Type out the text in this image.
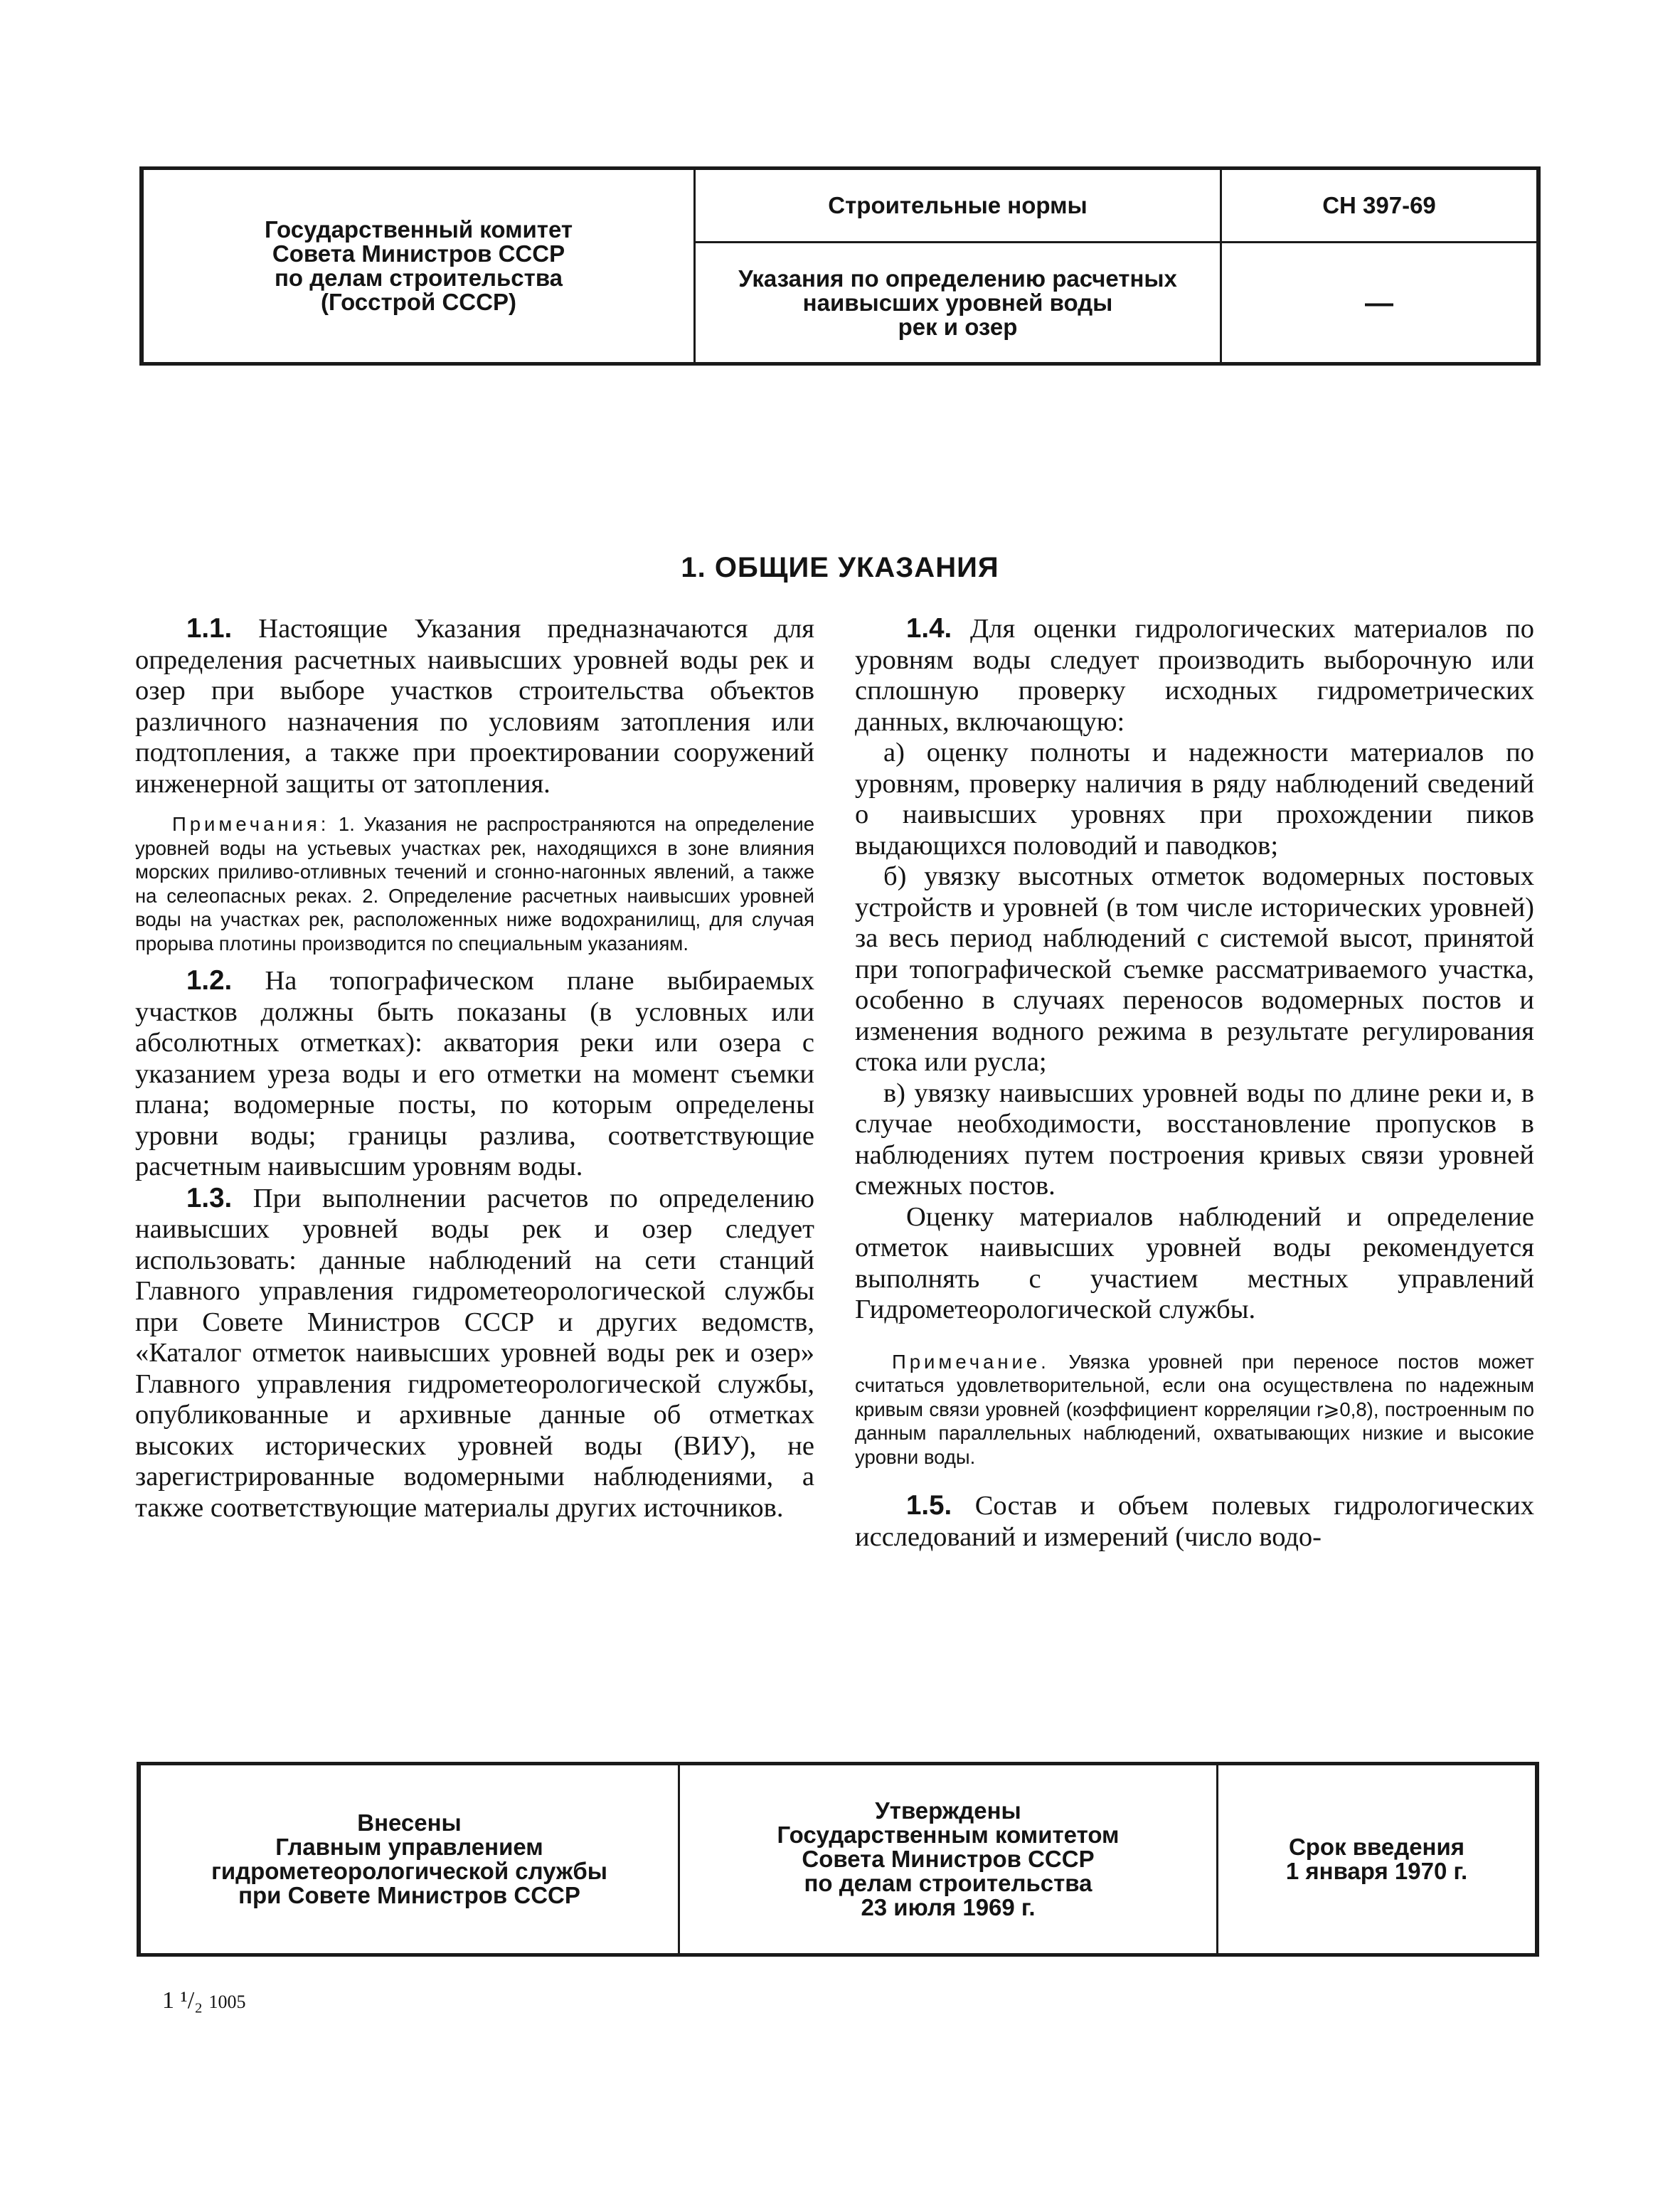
Государственный комитет
Совета Министров СССР
по делам строительства
(Госстрой СССР)
Строительные нормы
Указания по определению расчетных
наивысших уровней воды
рек и озер
СН 397-69
—
1. ОБЩИЕ УКАЗАНИЯ

1.1. Настоящие Указания предназначаются для определения расчетных наивысших уровней воды рек и озер при выборе участков строительства объектов различного назначения по условиям затопления или подтопления, а также при проектировании сооружений инженерной защиты от затопления.

Примечания: 1. Указания не распространяются на определение уровней воды на устьевых участках рек, находящихся в зоне влияния морских приливо-отливных течений и сгонно-нагонных явлений, а также на селеопасных реках. 2. Определение расчетных наивысших уровней воды на участках рек, расположенных ниже водохранилищ, для случая прорыва плотины производится по специальным указаниям.

1.2. На топографическом плане выбираемых участков должны быть показаны (в условных или абсолютных отметках): акватория реки или озера с указанием уреза воды и его отметки на момент съемки плана; водомерные посты, по которым определены уровни воды; границы разлива, соответствующие расчетным наивысшим уровням воды.

1.3. При выполнении расчетов по определению наивысших уровней воды рек и озер следует использовать: данные наблюдений на сети станций Главного управления гидрометеорологической службы при Совете Министров СССР и других ведомств, «Каталог отметок наивысших уровней воды рек и озер» Главного управления гидрометеорологической службы, опубликованные и архивные данные об отметках высоких исторических уровней воды (ВИУ), не зарегистрированные водомерными наблюдениями, а также соответствующие материалы других источников.

1.4. Для оценки гидрологических материалов по уровням воды следует производить выборочную или сплошную проверку исходных гидрометрических данных, включающую:

а) оценку полноты и надежности материалов по уровням, проверку наличия в ряду наблюдений сведений о наивысших уровнях при прохождении пиков выдающихся половодий и паводков;

б) увязку высотных отметок водомерных постовых устройств и уровней (в том числе исторических уровней) за весь период наблюдений с системой высот, принятой при топографической съемке рассматриваемого участка, особенно в случаях переносов водомерных постов и изменения водного режима в результате регулирования стока или русла;

в) увязку наивысших уровней воды по длине реки и, в случае необходимости, восстановление пропусков в наблюдениях путем построения кривых связи уровней смежных постов.

Оценку материалов наблюдений и определение отметок наивысших уровней воды рекомендуется выполнять с участием местных управлений Гидрометеорологической службы.

Примечание. Увязка уровней при переносе постов может считаться удовлетворительной, если она осуществлена по надежным кривым связи уровней (коэффициент корреляции r⩾0,8), построенным по данным параллельных наблюдений, охватывающих низкие и высокие уровни воды.

1.5. Состав и объем полевых гидрологических исследований и измерений (число водо-

Внесены
Главным управлением
гидрометеорологической службы
при Совете Министров СССР
Утверждены
Государственным комитетом
Совета Министров СССР
по делам строительства
23 июля 1969 г.
Срок введения
1 января 1970 г.
1 ¹/₂ 1005
